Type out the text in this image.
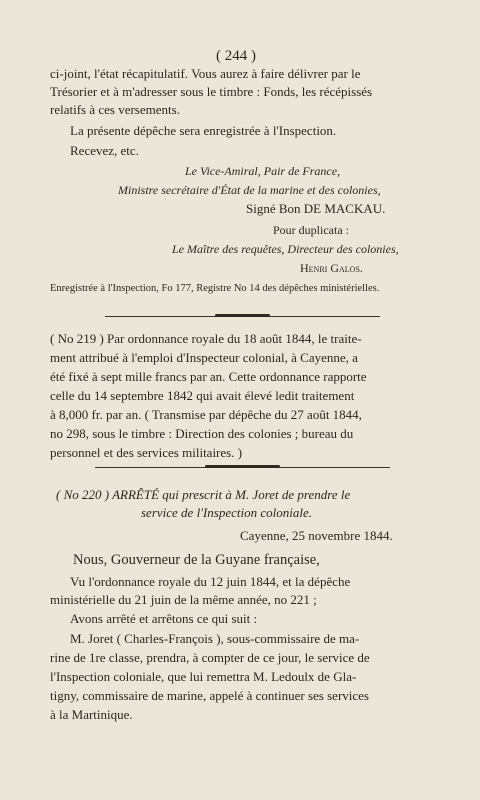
( 244 )
ci-joint, l'état récapitulatif. Vous aurez à faire délivrer par le
Trésorier et à m'adresser sous le timbre : Fonds, les récépissés
relatifs à ces versements.
La présente dépêche sera enregistrée à l'Inspection.
Recevez, etc.
Le Vice-Amiral, Pair de France,
Ministre secrétaire d'État de la marine et des colonies,
Signé Bon DE MACKAU.
Pour duplicata :
Le Maître des requêtes, Directeur des colonies,
Henri Galos.
Enregistrée à l'Inspection, Fo 177, Registre No 14 des dépêches ministérielles.
( No 219 ) Par ordonnance royale du 18 août 1844, le traite-
ment attribué à l'emploi d'Inspecteur colonial, à Cayenne, a
été fixé à sept mille francs par an. Cette ordonnance rapporte
celle du 14 septembre 1842 qui avait élevé ledit traitement
à 8,000 fr. par an. ( Transmise par dépêche du 27 août 1844,
no 298, sous le timbre : Direction des colonies ; bureau du
personnel et des services militaires. )
( No 220 ) ARRÊTÉ qui prescrit à M. Joret de prendre le
service de l'Inspection coloniale.
Cayenne, 25 novembre 1844.
Nous, Gouverneur de la Guyane française,
Vu l'ordonnance royale du 12 juin 1844, et la dépêche
ministérielle du 21 juin de la même année, no 221 ;
Avons arrêté et arrêtons ce qui suit :
M. Joret ( Charles-François ), sous-commissaire de ma-
rine de 1re classe, prendra, à compter de ce jour, le service de
l'Inspection coloniale, que lui remettra M. Ledoulx de Gla-
tigny, commissaire de marine, appelé à continuer ses services
à la Martinique.
